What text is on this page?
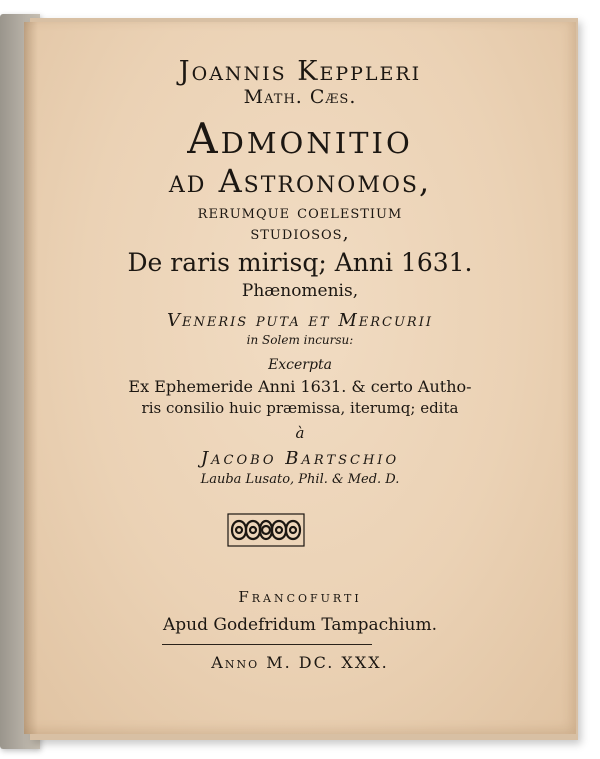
Joannis Keppleri
Math. Cæs.
Admonitio
ad Astronomos,
rerumque coelestium
studiosos,
De raris mirisq; Anni 1631.
Phænomenis,
Veneris puta et Mercurii
in Solem incursu:
Excerpta
Ex Ephemeride Anni 1631. & certo Autho-
ris consilio huic præmissa, iterumq; edita
à
Jacobo Bartschio
Lauba Lusato, Phil. & Med. D.
Francofurti
Apud Godefridum Tampachium.
Anno M. DC. XXX.
